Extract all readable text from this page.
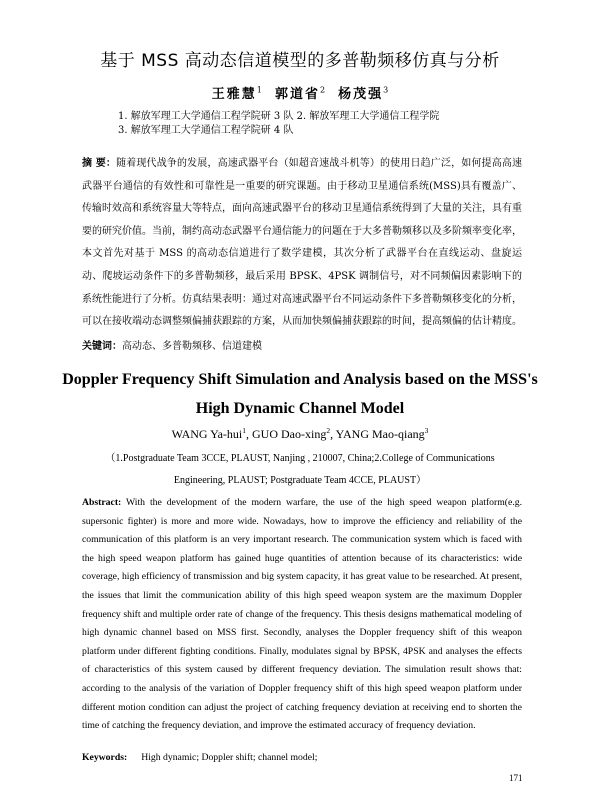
基于 MSS 高动态信道模型的多普勒频移仿真与分析
王雅慧$^1$ 郭道省$^2$ 杨茂强$^3$
1. 解放军理工大学通信工程学院研 3 队 2. 解放军理工大学通信工程学院
3. 解放军理工大学通信工程学院研 4 队
摘 要：随着现代战争的发展，高速武器平台（如超音速战斗机等）的使用日趋广泛，如何提高高速武器平台通信的有效性和可靠性是一重要的研究课题。由于移动卫星通信系统(MSS)具有覆盖广、传输时效高和系统容量大等特点，面向高速武器平台的移动卫星通信系统得到了大量的关注，具有重要的研究价值。当前，制约高动态武器平台通信能力的问题在于大多普勒频移以及多阶频率变化率，本文首先对基于 MSS 的高动态信道进行了数学建模，其次分析了武器平台在直线运动、盘旋运动、爬坡运动条件下的多普勒频移，最后采用 BPSK、4PSK 调制信号，对不同频偏因素影响下的系统性能进行了分析。仿真结果表明：通过对高速武器平台不同运动条件下多普勒频移变化的分析，可以在接收端动态调整频偏捕获跟踪的方案，从而加快频偏捕获跟踪的时间，提高频偏的估计精度。
关键词：高动态、多普勒频移、信道建模
Doppler Frequency Shift Simulation and Analysis based on the MSS's
High Dynamic Channel Model
WANG Ya-hui$^1$, GUO Dao-xing$^2$, YANG Mao-qiang$^3$
（1.Postgraduate Team 3CCE, PLAUST, Nanjing , 210007, China;2.College of Communications
Engineering, PLAUST; Postgraduate Team 4CCE, PLAUST）
Abstract: With the development of the modern warfare, the use of the high speed weapon platform(e.g. supersonic fighter) is more and more wide. Nowadays, how to improve the efficiency and reliability of the communication of this platform is an very important research. The communication system which is faced with the high speed weapon platform has gained huge quantities of attention because of its characteristics: wide coverage, high efficiency of transmission and big system capacity, it has great value to be researched. At present, the issues that limit the communication ability of this high speed weapon system are the maximum Doppler frequency shift and multiple order rate of change of the frequency. This thesis designs mathematical modeling of high dynamic channel based on MSS first. Secondly, analyses the Doppler frequency shift of this weapon platform under different fighting conditions. Finally, modulates signal by BPSK, 4PSK and analyses the effects of characteristics of this system caused by different frequency deviation. The simulation result shows that: according to the analysis of the variation of Doppler frequency shift of this high speed weapon platform under different motion condition can adjust the project of catching frequency deviation at receiving end to shorten the time of catching the frequency deviation, and improve the estimated accuracy of frequency deviation.
Keywords: High dynamic; Doppler shift; channel model;
171
